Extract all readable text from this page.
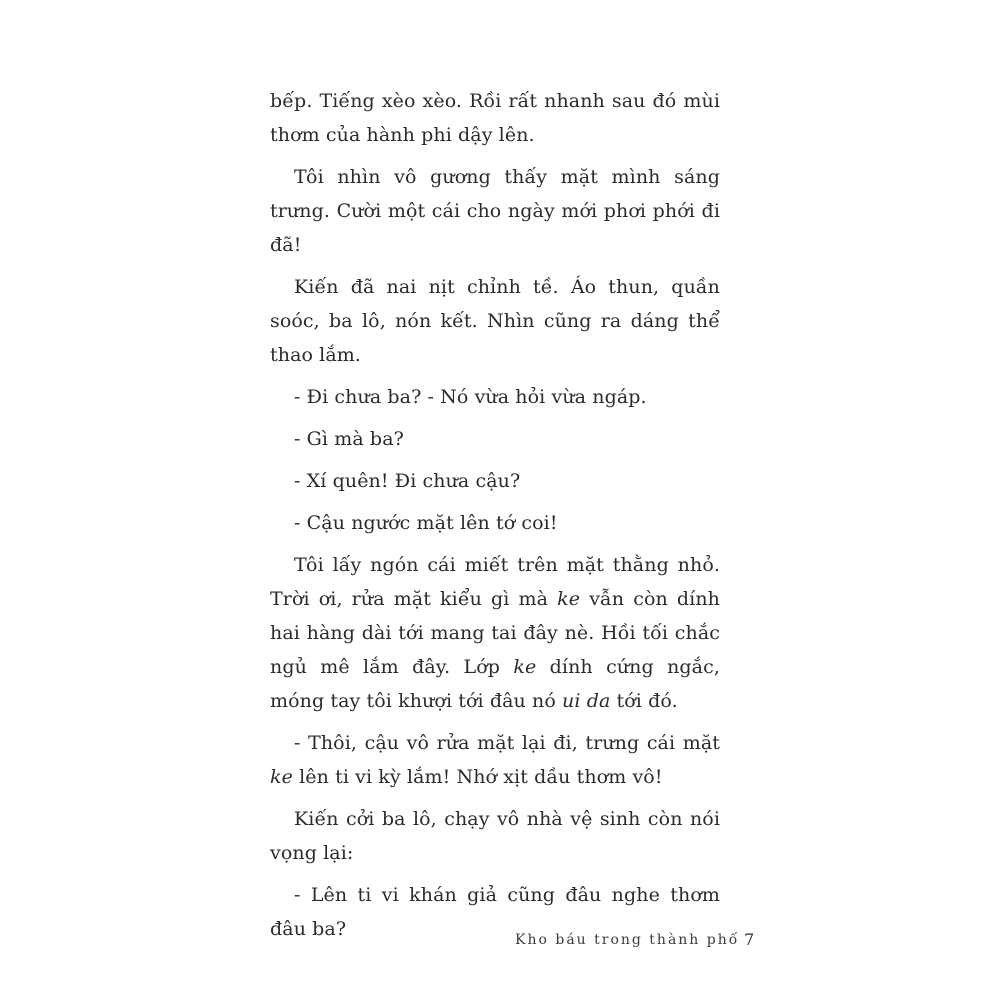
bếp. Tiếng xèo xèo. Rồi rất nhanh sau đó mùi thơm của hành phi dậy lên.

Tôi nhìn vô gương thấy mặt mình sáng trưng. Cười một cái cho ngày mới phơi phới đi đã!

Kiến đã nai nịt chỉnh tề. Áo thun, quần soóc, ba lô, nón kết. Nhìn cũng ra dáng thể thao lắm.

- Đi chưa ba? - Nó vừa hỏi vừa ngáp.

- Gì mà ba?

- Xí quên! Đi chưa cậu?

- Cậu ngước mặt lên tớ coi!

Tôi lấy ngón cái miết trên mặt thằng nhỏ. Trời ơi, rửa mặt kiểu gì mà ke vẫn còn dính hai hàng dài tới mang tai đây nè. Hồi tối chắc ngủ mê lắm đây. Lớp ke dính cứng ngắc, móng tay tôi khượi tới đâu nó ui da tới đó.

- Thôi, cậu vô rửa mặt lại đi, trưng cái mặt ke lên ti vi kỳ lắm! Nhớ xịt dầu thơm vô!

Kiến cởi ba lô, chạy vô nhà vệ sinh còn nói vọng lại:

- Lên ti vi khán giả cũng đâu nghe thơm đâu ba?	Kho báu trong thành phố 7
